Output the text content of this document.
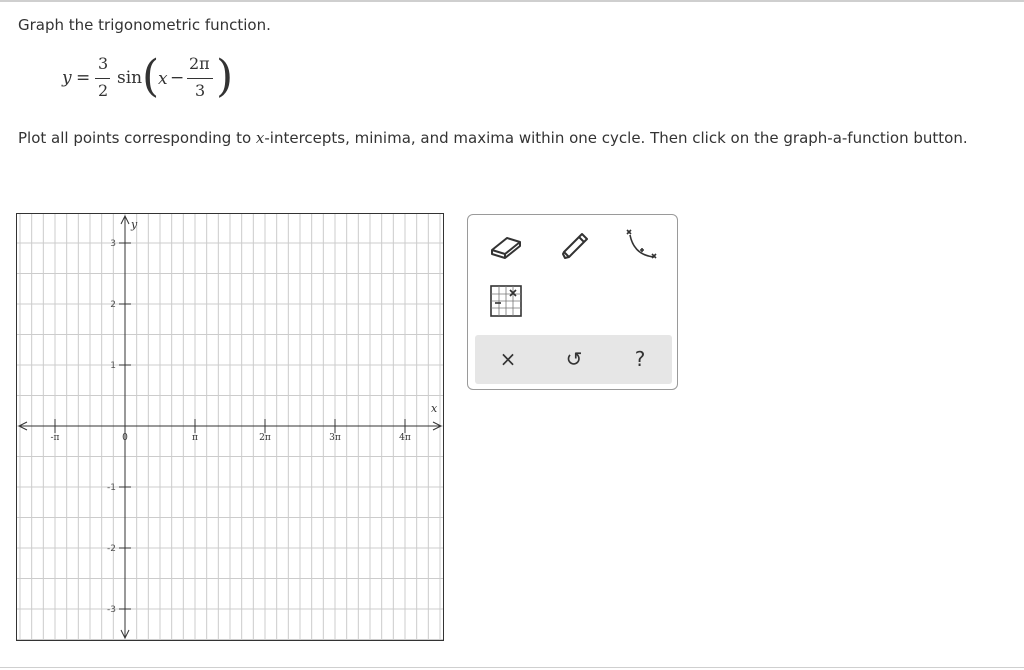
Graph the trigonometric function.
y =
3
2
sin (
x −
2π
3 )
Plot all points corresponding to x-intercepts, minima, and maxima within one cycle. Then click on the graph-a-function button.
x
y
-π	0	π	2π	3π	4π
3
2
1
-1
-2
-3
×	↺	?
